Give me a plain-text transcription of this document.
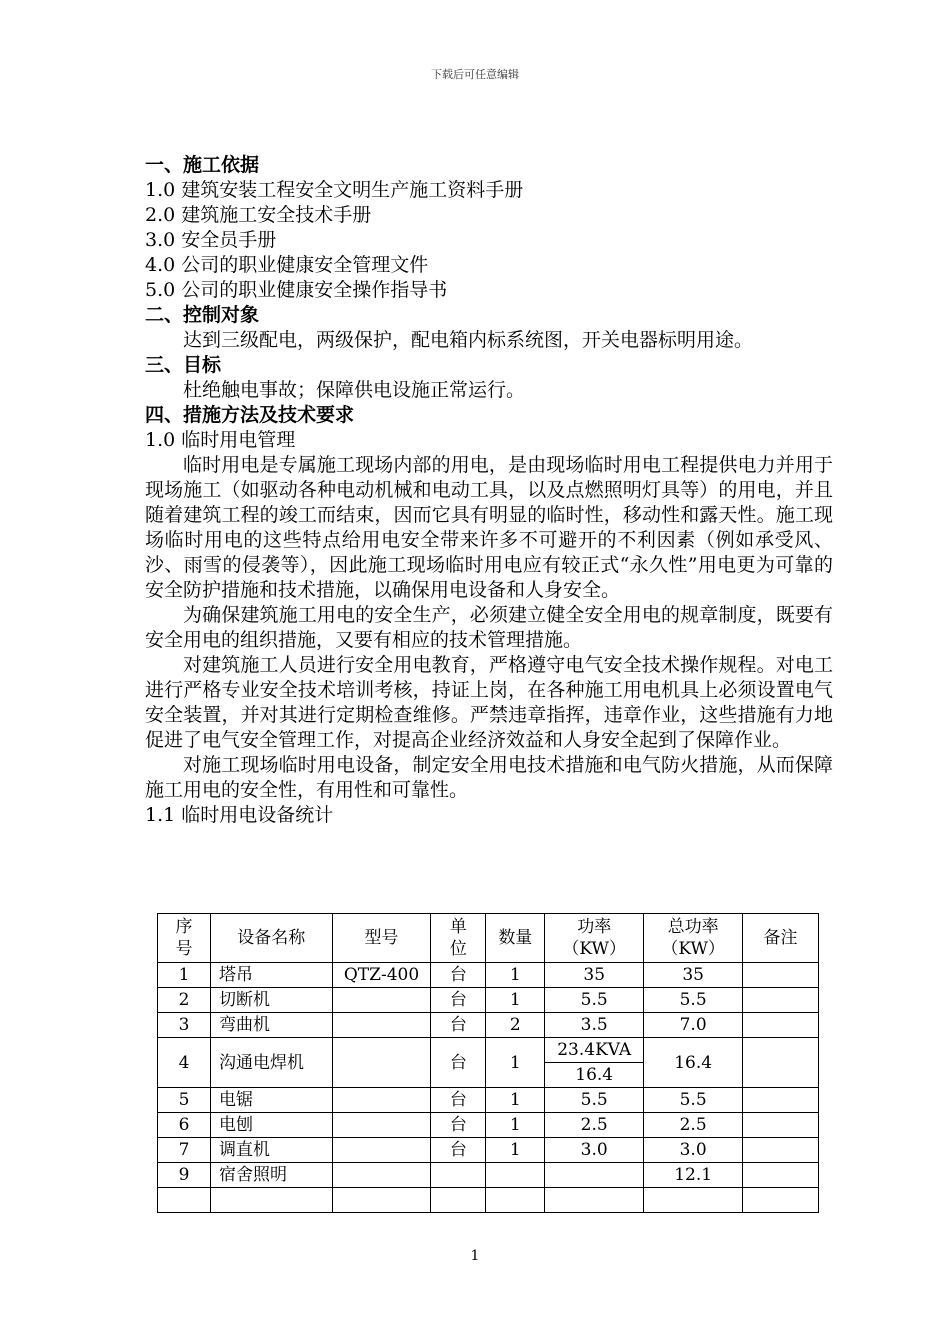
下载后可任意编辑

一、施工依据

1.0 建筑安装工程安全文明生产施工资料手册

2.0 建筑施工安全技术手册

3.0 安全员手册

4.0 公司的职业健康安全管理文件

5.0 公司的职业健康安全操作指导书

二、控制对象

达到三级配电，两级保护，配电箱内标系统图，开关电器标明用途。

三、目标

杜绝触电事故；保障供电设施正常运行。

四、措施方法及技术要求

1.0 临时用电管理

临时用电是专属施工现场内部的用电，是由现场临时用电工程提供电力并用于现场施工（如驱动各种电动机械和电动工具，以及点燃照明灯具等）的用电，并且随着建筑工程的竣工而结束，因而它具有明显的临时性，移动性和露天性。施工现场临时用电的这些特点给用电安全带来许多不可避开的不利因素（例如承受风、沙、雨雪的侵袭等），因此施工现场临时用电应有较正式“永久性”用电更为可靠的安全防护措施和技术措施，以确保用电设备和人身安全。

为确保建筑施工用电的安全生产，必须建立健全安全用电的规章制度，既要有安全用电的组织措施，又要有相应的技术管理措施。

对建筑施工人员进行安全用电教育，严格遵守电气安全技术操作规程。对电工进行严格专业安全技术培训考核，持证上岗，在各种施工用电机具上必须设置电气安全装置，并对其进行定期检查维修。严禁违章指挥，违章作业，这些措施有力地促进了电气安全管理工作，对提高企业经济效益和人身安全起到了保障作业。

对施工现场临时用电设备，制定安全用电技术措施和电气防火措施，从而保障施工用电的安全性，有用性和可靠性。

1.1 临时用电设备统计

序号	设备名称	型号	单位	数量	功率（KW）	总功率（KW）	备注
1	塔吊	QTZ-400	台	1	35	35	
2	切断机		台	1	5.5	5.5	
3	弯曲机		台	2	3.5	7.0	
4	沟通电焊机		台	1	23.4KVA	16.4	
					16.4		
5	电锯		台	1	5.5	5.5	
6	电刨		台	1	2.5	2.5	
7	调直机		台	1	3.0	3.0	
9	宿舍照明					12.1	

1
